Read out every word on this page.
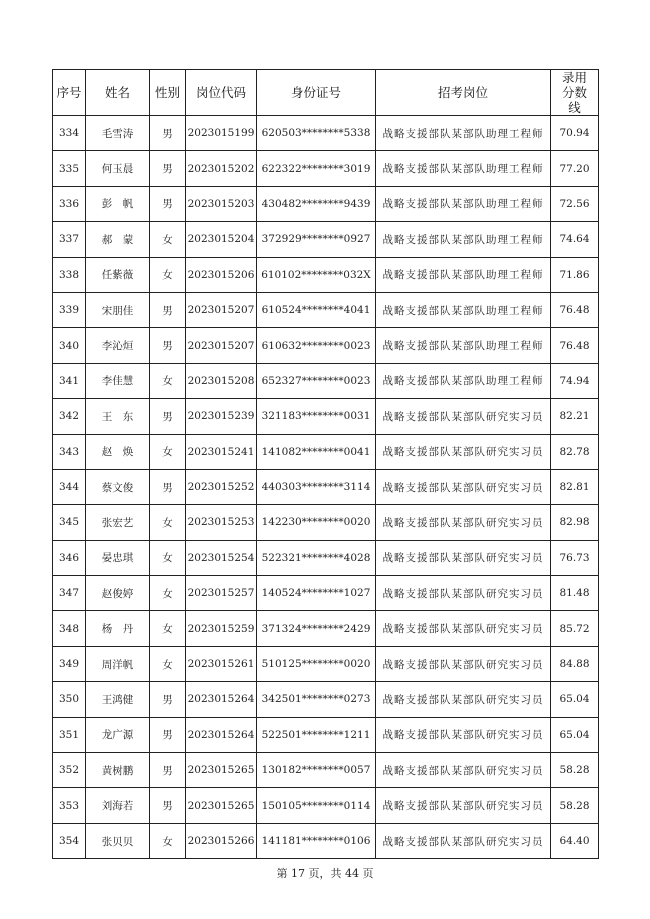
序号	姓名	性别	岗位代码	身份证号	招考岗位	录用分数线
334	毛雪涛	男	2023015199	620503********5338	战略支援部队某部队助理工程师	70.94
335	何玉晨	男	2023015202	622322********3019	战略支援部队某部队助理工程师	77.20
336	彭　帆	男	2023015203	430482********9439	战略支援部队某部队助理工程师	72.56
337	郝　蒙	女	2023015204	372929********0927	战略支援部队某部队助理工程师	74.64
338	任紫薇	女	2023015206	610102********032X	战略支援部队某部队助理工程师	71.86
339	宋朋佳	男	2023015207	610524********4041	战略支援部队某部队助理工程师	76.48
340	李沁烜	男	2023015207	610632********0023	战略支援部队某部队助理工程师	76.48
341	李佳慧	女	2023015208	652327********0023	战略支援部队某部队助理工程师	74.94
342	王　东	男	2023015239	321183********0031	战略支援部队某部队研究实习员	82.21
343	赵　焕	女	2023015241	141082********0041	战略支援部队某部队研究实习员	82.78
344	蔡文俊	男	2023015252	440303********3114	战略支援部队某部队研究实习员	82.81
345	张宏艺	女	2023015253	142230********0020	战略支援部队某部队研究实习员	82.98
346	晏忠琪	女	2023015254	522321********4028	战略支援部队某部队研究实习员	76.73
347	赵俊婷	女	2023015257	140524********1027	战略支援部队某部队研究实习员	81.48
348	杨　丹	女	2023015259	371324********2429	战略支援部队某部队研究实习员	85.72
349	周洋帆	女	2023015261	510125********0020	战略支援部队某部队研究实习员	84.88
350	王鸿健	男	2023015264	342501********0273	战略支援部队某部队研究实习员	65.04
351	龙广源	男	2023015264	522501********1211	战略支援部队某部队研究实习员	65.04
352	黄树鹏	男	2023015265	130182********0057	战略支援部队某部队研究实习员	58.28
353	刘海若	男	2023015265	150105********0114	战略支援部队某部队研究实习员	58.28
354	张贝贝	女	2023015266	141181********0106	战略支援部队某部队研究实习员	64.40
第 17 页，共 44 页
